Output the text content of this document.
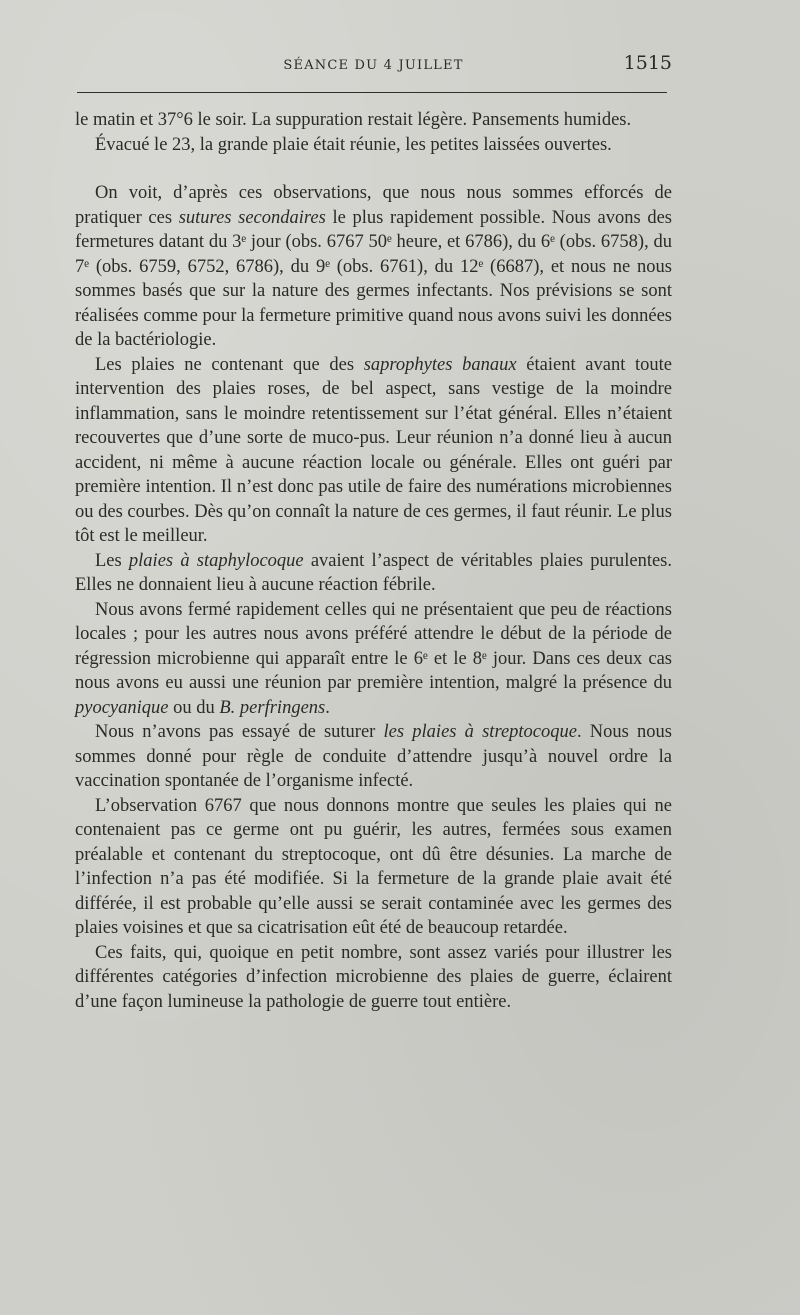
SÉANCE DU 4 JUILLET	1515

le matin et 37°6 le soir. La suppuration restait légère. Pansements humides.

Évacué le 23, la grande plaie était réunie, les petites laissées ouvertes.

On voit, d’après ces observations, que nous nous sommes efforcés de pratiquer ces sutures secondaires le plus rapidement possible. Nous avons des fermetures datant du 3ᵉ jour (obs. 6767 50ᵉ heure, et 6786), du 6ᵉ (obs. 6758), du 7ᵉ (obs. 6759, 6752, 6786), du 9ᵉ (obs. 6761), du 12ᵉ (6687), et nous ne nous sommes basés que sur la nature des germes infectants. Nos prévisions se sont réalisées comme pour la fermeture primitive quand nous avons suivi les données de la bactériologie.

Les plaies ne contenant que des saprophytes banaux étaient avant toute intervention des plaies roses, de bel aspect, sans vestige de la moindre inflammation, sans le moindre retentissement sur l’état général. Elles n’étaient recouvertes que d’une sorte de muco-pus. Leur réunion n’a donné lieu à aucun accident, ni même à aucune réaction locale ou générale. Elles ont guéri par première intention. Il n’est donc pas utile de faire des numérations microbiennes ou des courbes. Dès qu’on connaît la nature de ces germes, il faut réunir. Le plus tôt est le meilleur.

Les plaies à staphylocoque avaient l’aspect de véritables plaies purulentes. Elles ne donnaient lieu à aucune réaction fébrile.

Nous avons fermé rapidement celles qui ne présentaient que peu de réactions locales ; pour les autres nous avons préféré attendre le début de la période de régression microbienne qui apparaît entre le 6ᵉ et le 8ᵉ jour. Dans ces deux cas nous avons eu aussi une réunion par première intention, malgré la présence du pyocyanique ou du B. perfringens.

Nous n’avons pas essayé de suturer les plaies à streptocoque. Nous nous sommes donné pour règle de conduite d’attendre jusqu’à nouvel ordre la vaccination spontanée de l’organisme infecté.

L’observation 6767 que nous donnons montre que seules les plaies qui ne contenaient pas ce germe ont pu guérir, les autres, fermées sous examen préalable et contenant du streptocoque, ont dû être désunies. La marche de l’infection n’a pas été modifiée. Si la fermeture de la grande plaie avait été différée, il est probable qu’elle aussi se serait contaminée avec les germes des plaies voisines et que sa cicatrisation eût été de beaucoup retardée.

Ces faits, qui, quoique en petit nombre, sont assez variés pour illustrer les différentes catégories d’infection microbienne des plaies de guerre, éclairent d’une façon lumineuse la pathologie de guerre tout entière.
